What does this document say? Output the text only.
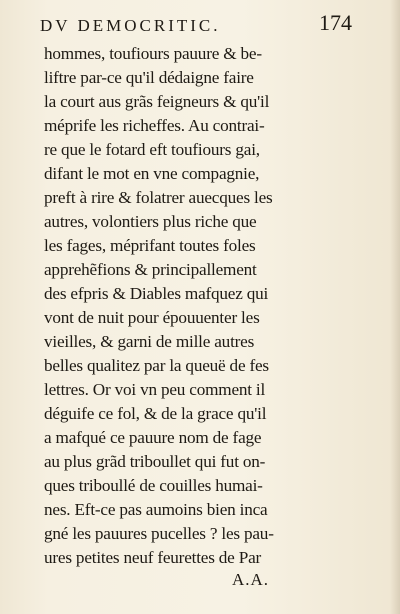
DV DEMOCRITIC.	174
hommes, toufiours pauure & be-
liftre par-ce qu'il dédaigne faire
la court aus grãs feigneurs & qu'il
méprife les richeffes. Au contrai-
re que le fotard eft toufiours gai,
difant le mot en vne compagnie,
preft à rire & folatrer auecques les
autres, volontiers plus riche que
les fages, méprifant toutes foles
apprehẽfions & principallement
des efpris & Diables mafquez qui
vont de nuit pour épouuenter les
vieilles, & garni de mille autres
belles qualitez par la queuë de fes
lettres. Or voi vn peu comment il
déguife ce fol, & de la grace qu'il
a mafqué ce pauure nom de fage
au plus grãd triboullet qui fut on-
ques triboullé de couilles humai-
nes. Eft-ce pas aumoins bien inca
gné les pauures pucelles ? les pau-
ures petites neuf feurettes de Par
A.A.
